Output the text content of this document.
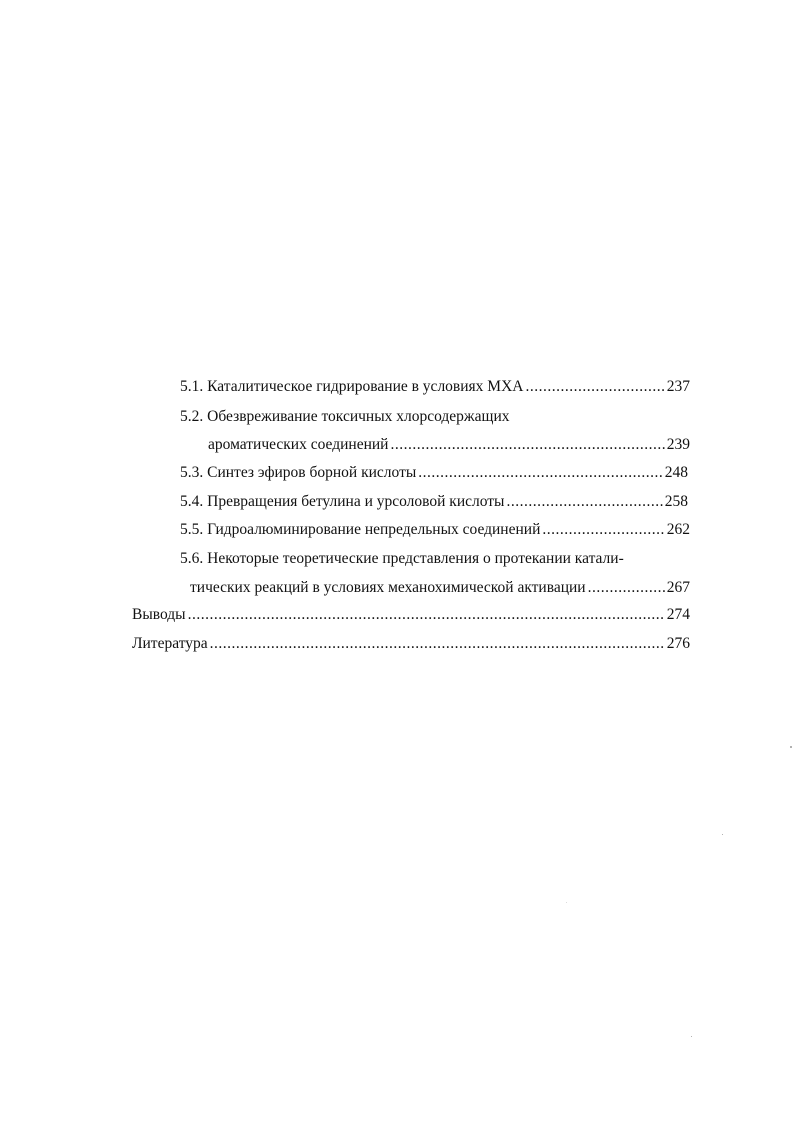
5.1. Каталитическое гидрирование в условиях МХА .....	237
5.2. Обезвреживание токсичных хлорсодержащих
ароматических соединений .....	239
5.3. Синтез эфиров борной кислоты .....	248
5.4. Превращения бетулина и урсоловой кислоты .....	258
5.5. Гидроалюминирование непредельных соединений .....	262
5.6. Некоторые теоретические представления о протекании катали-
тических реакций в условиях механохимической активации .....	267
Выводы .....	274
Литература .....	276
